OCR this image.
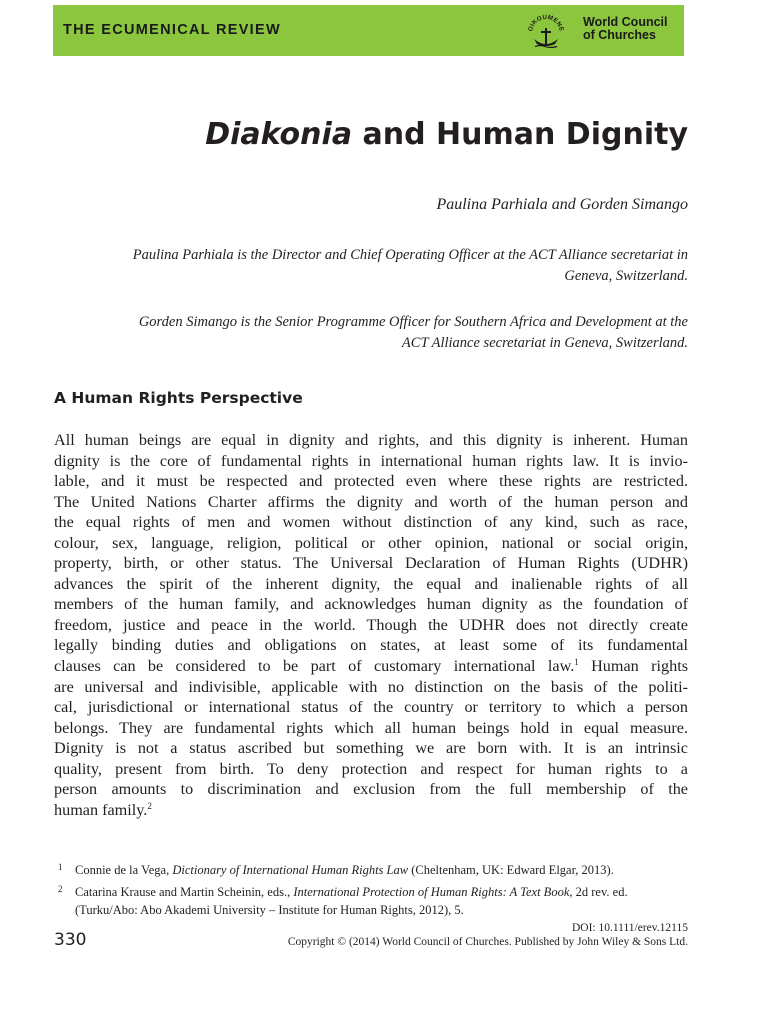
THE ECUMENICAL REVIEW	OIKOUMENE
World Council
of Churches
Diakonia and Human Dignity
Paulina Parhiala and Gorden Simango
Paulina Parhiala is the Director and Chief Operating Officer at the ACT Alliance secretariat in
Geneva, Switzerland.
Gorden Simango is the Senior Programme Officer for Southern Africa and Development at the
ACT Alliance secretariat in Geneva, Switzerland.
A Human Rights Perspective
All human beings are equal in dignity and rights, and this dignity is inherent. Human
dignity is the core of fundamental rights in international human rights law. It is invio-
lable, and it must be respected and protected even where these rights are restricted.
The United Nations Charter affirms the dignity and worth of the human person and
the equal rights of men and women without distinction of any kind, such as race,
colour, sex, language, religion, political or other opinion, national or social origin,
property, birth, or other status. The Universal Declaration of Human Rights (UDHR)
advances the spirit of the inherent dignity, the equal and inalienable rights of all
members of the human family, and acknowledges human dignity as the foundation of
freedom, justice and peace in the world. Though the UDHR does not directly create
legally binding duties and obligations on states, at least some of its fundamental
clauses can be considered to be part of customary international law.$^1$ Human rights
are universal and indivisible, applicable with no distinction on the basis of the politi-
cal, jurisdictional or international status of the country or territory to which a person
belongs. They are fundamental rights which all human beings hold in equal measure.
Dignity is not a status ascribed but something we are born with. It is an intrinsic
quality, present from birth. To deny protection and respect for human rights to a
person amounts to discrimination and exclusion from the full membership of the
human family.$^2$
1 Connie de la Vega, Dictionary of International Human Rights Law (Cheltenham, UK: Edward Elgar, 2013).
2 Catarina Krause and Martin Scheinin, eds., International Protection of Human Rights: A Text Book, 2d rev. ed.
(Turku/Abo: Abo Akademi University – Institute for Human Rights, 2012), 5.
330
DOI: 10.1111/erev.12115
Copyright © (2014) World Council of Churches. Published by John Wiley & Sons Ltd.
